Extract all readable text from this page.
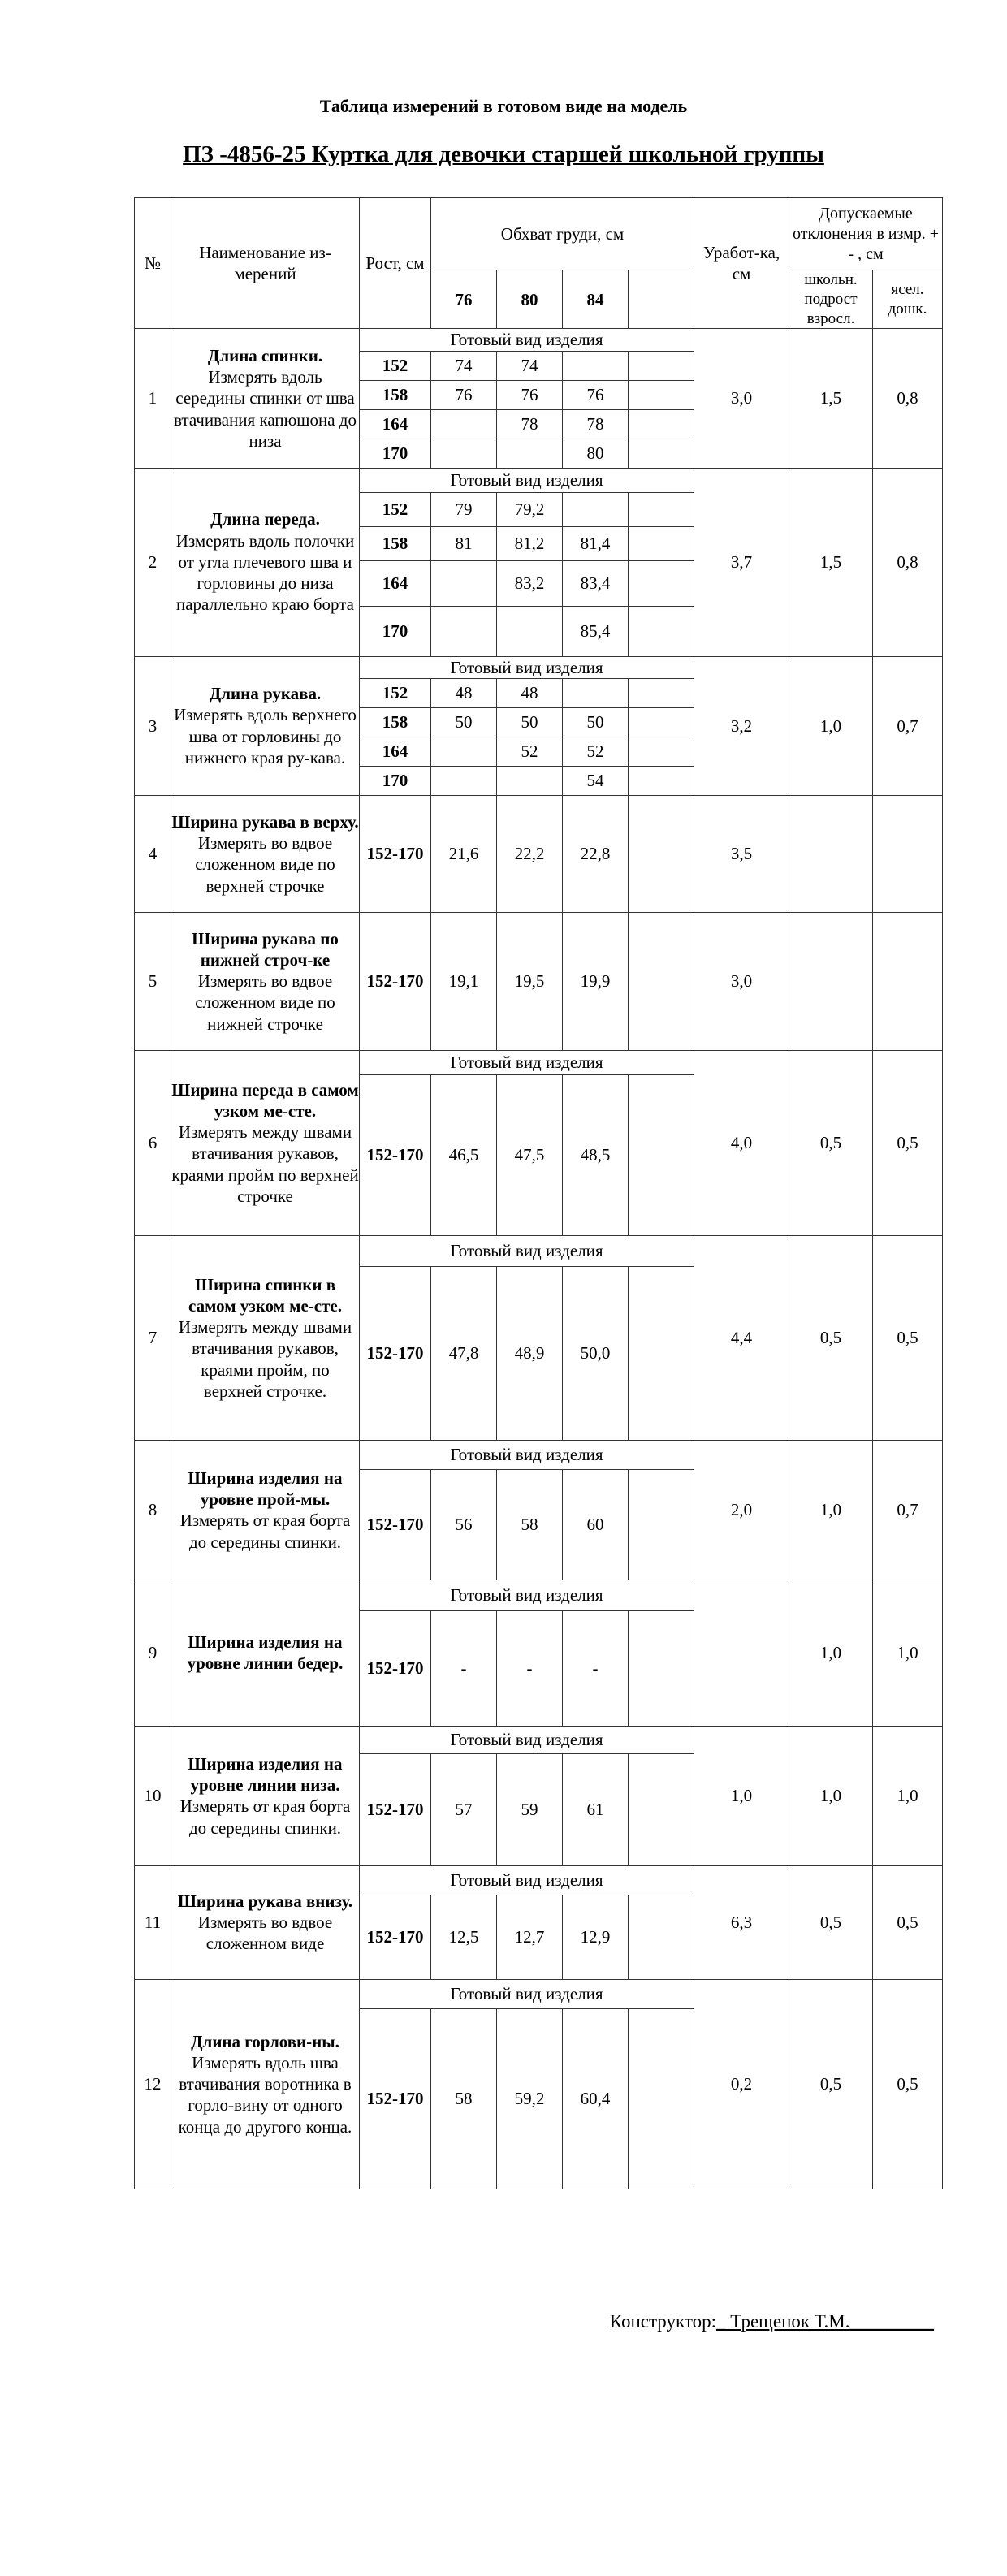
Таблица измерений в готовом виде на модель
ПЗ -4856-25 Куртка для девочки старшей школьной группы
№	Наименование из-мерений	Рост, см	Обхват груди, см				Уработ-ка, см	Допускаемые отклонения в измр. + - , см	
			76	80	84			школьн. подрост взросл.	ясел. дошк.
1	Длина спинки.
Измерять вдоль середины спинки от шва втачивания капюшона до низа	Готовый вид изделия					3,0	1,5	0,8
		152	74	74					
		158	76	76	76				
		164		78	78				
		170			80				
2	Длина переда.
Измерять вдоль полочки от угла плечевого шва и горловины до низа параллельно краю борта	Готовый вид изделия					3,7	1,5	0,8
		152	79	79,2					
		158	81	81,2	81,4				
		164		83,2	83,4				
		170			85,4				
3	Длина рукава.
Измерять вдоль верхнего шва от горловины до нижнего края ру-кава.	Готовый вид изделия					3,2	1,0	0,7
		152	48	48					
		158	50	50	50				
		164		52	52				
		170			54				
4	Ширина рукава в верху.
Измерять во вдвое сложенном виде по верхней строчке	152-170	21,6	22,2	22,8		3,5		
5	Ширина рукава по нижней строч-ке
Измерять во вдвое сложенном виде по нижней строчке	152-170	19,1	19,5	19,9		3,0		
6	Ширина переда в самом узком ме-сте.
Измерять между швами втачивания рукавов, краями пройм по верхней строчке	Готовый вид изделия					4,0	0,5	0,5
		152-170	46,5	47,5	48,5				
7	Ширина спинки в самом узком ме-сте.
Измерять между швами втачивания рукавов, краями пройм, по верхней строчке.	Готовый вид изделия					4,4	0,5	0,5
		152-170	47,8	48,9	50,0				
8	Ширина изделия на уровне прой-мы.
Измерять от края борта до середины спинки.	Готовый вид изделия					2,0	1,0	0,7
		152-170	56	58	60				
9	Ширина изделия на уровне линии бедер.	Готовый вид изделия						1,0	1,0
		152-170	-	-	-				
10	Ширина изделия на уровне линии низа.
Измерять от края борта до середины спинки.	Готовый вид изделия					1,0	1,0	1,0
		152-170	57	59	61				
11	Ширина рукава внизу.
Измерять во вдвое сложенном виде	Готовый вид изделия					6,3	0,5	0,5
		152-170	12,5	12,7	12,9				
12	Длина горлови-ны.
Измерять вдоль шва втачивания воротника в горло-вину от одного конца до другого конца.	Готовый вид изделия					0,2	0,5	0,5
		152-170	58	59,2	60,4				
Конструктор:_ Трещенок Т.М._________
